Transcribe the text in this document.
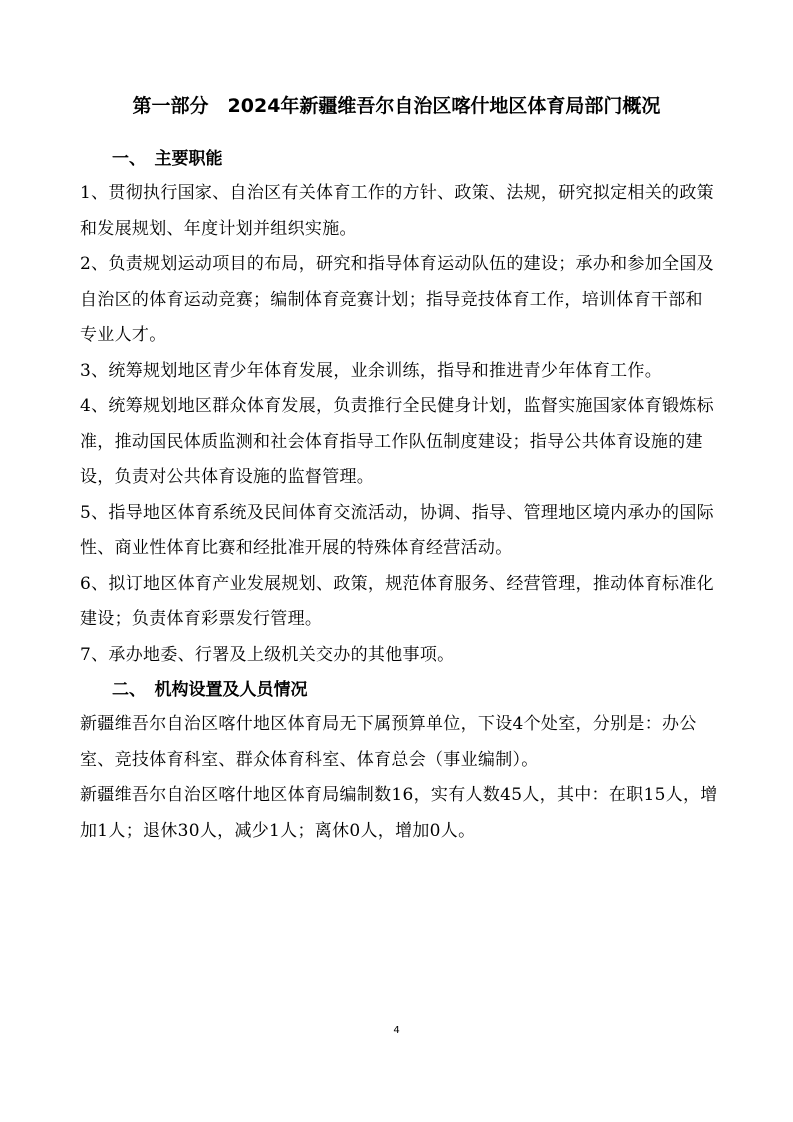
第一部分　2024年新疆维吾尔自治区喀什地区体育局部门概况
一、　主要职能

1、贯彻执行国家、自治区有关体育工作的方针、政策、法规，研究拟定相关的政策和发展规划、年度计划并组织实施。

2、负责规划运动项目的布局，研究和指导体育运动队伍的建设；承办和参加全国及自治区的体育运动竞赛；编制体育竞赛计划；指导竞技体育工作，培训体育干部和专业人才。

3、统筹规划地区青少年体育发展，业余训练，指导和推进青少年体育工作。

4、统筹规划地区群众体育发展，负责推行全民健身计划，监督实施国家体育锻炼标准，推动国民体质监测和社会体育指导工作队伍制度建设；指导公共体育设施的建设，负责对公共体育设施的监督管理。

5、指导地区体育系统及民间体育交流活动，协调、指导、管理地区境内承办的国际性、商业性体育比赛和经批准开展的特殊体育经营活动。

6、拟订地区体育产业发展规划、政策，规范体育服务、经营管理，推动体育标准化建设；负责体育彩票发行管理。

7、承办地委、行署及上级机关交办的其他事项。

二、　机构设置及人员情况

新疆维吾尔自治区喀什地区体育局无下属预算单位，下设4个处室，分别是：办公室、竞技体育科室、群众体育科室、体育总会（事业编制）。

新疆维吾尔自治区喀什地区体育局编制数16，实有人数45人，其中：在职15人，增加1人；退休30人，减少1人；离休0人，增加0人。

4
